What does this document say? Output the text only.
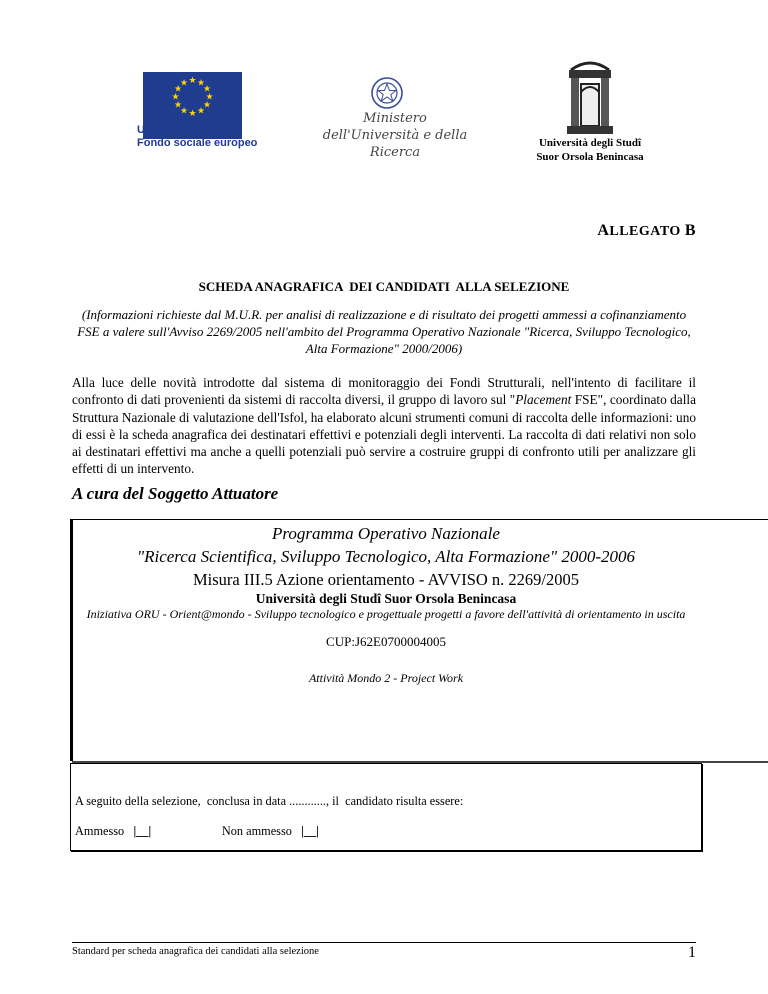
★ ★
★
★
★
★
★
★
★
★
★
★
UNIONE EUROPEA
Fondo sociale europeo
Ministero
dell'Università e della Ricerca
Università degli Studî
Suor Orsola Benincasa
ALLEGATO B
SCHEDA ANAGRAFICA  DEI CANDIDATI  ALLA SELEZIONE
(Informazioni richieste dal M.U.R. per analisi di realizzazione e di risultato dei progetti ammessi a cofinanziamento FSE a valere sull'Avviso 2269/2005 nell'ambito del Programma Operativo Nazionale "Ricerca, Sviluppo Tecnologico, Alta Formazione" 2000/2006)
Alla luce delle novità introdotte dal sistema di monitoraggio dei Fondi Strutturali, nell'intento di facilitare il confronto di dati provenienti da sistemi di raccolta diversi, il gruppo di lavoro sul "Placement FSE", coordinato dalla Struttura Nazionale di valutazione dell'Isfol, ha elaborato alcuni strumenti comuni di raccolta delle informazioni: uno di essi è la scheda anagrafica dei destinatari effettivi e potenziali degli interventi. La raccolta di dati relativi non solo ai destinatari effettivi ma anche a quelli potenziali può servire a costruire gruppi di confronto utili per analizzare gli effetti di un intervento.
A cura del Soggetto Attuatore
Programma Operativo Nazionale
"Ricerca Scientifica, Sviluppo Tecnologico, Alta Formazione" 2000-2006
Misura III.5 Azione orientamento - AVVISO n. 2269/2005
Università degli Studî Suor Orsola Benincasa
Iniziativa ORU - Orient@mondo - Sviluppo tecnologico e progettuale progetti a favore dell'attività di orientamento in uscita
CUP:J62E0700004005
Attività Mondo 2 - Project Work
A seguito della selezione,  conclusa in data ............, il  candidato risulta essere:
Ammesso |__|	Non ammesso |__|
Standard per scheda anagrafica dei candidati alla selezione	1
